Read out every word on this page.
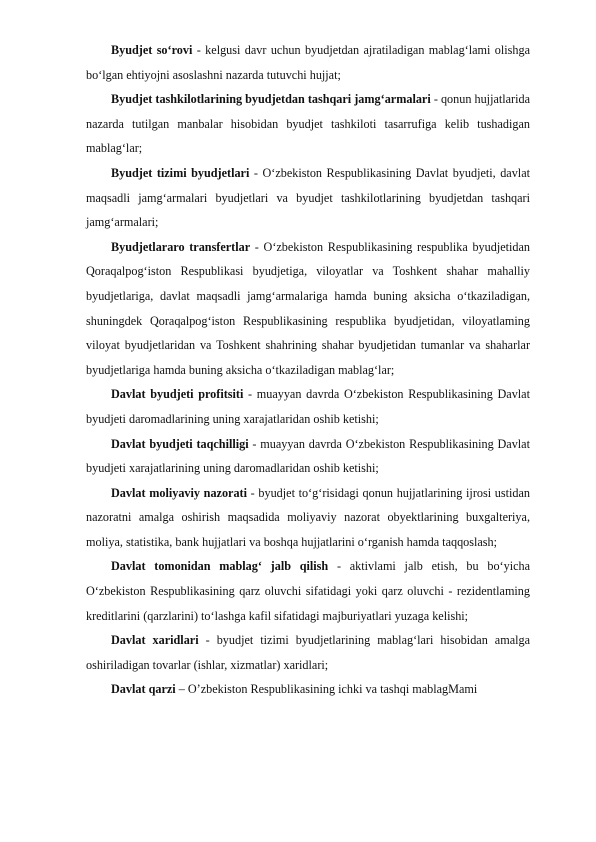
Byudjet so‘rovi - kelgusi davr uchun byudjetdan ajratiladigan mablag‘lami olishga bo‘lgan ehtiyojni asoslashni nazarda tutuvchi hujjat;

Byudjet tashkilotlarining byudjetdan tashqari jamg‘armalari - qonun hujjatlarida nazarda tutilgan manbalar hisobidan byudjet tashkiloti tasarrufiga kelib tushadigan mablag‘lar;

Byudjet tizimi byudjetlari - O‘zbekiston Respublikasining Davlat byudjeti, davlat maqsadli jamg‘armalari byudjetlari va byudjet tashkilotlarining byudjetdan tashqari jamg‘armalari;

Byudjetlararo transfertlar - O‘zbekiston Respublikasining respublika byudjetidan Qoraqalpog‘iston Respublikasi byudjetiga, viloyatlar va Toshkent shahar mahalliy byudjetlariga, davlat maqsadli jamg‘armalariga hamda buning aksicha o‘tkaziladigan, shuningdek Qoraqalpog‘iston Respublikasining respublika byudjetidan, viloyatlaming viloyat byudjetlaridan va Toshkent shahrining shahar byudjetidan tumanlar va shaharlar byudjetlariga hamda buning aksicha o‘tkaziladigan mablag‘lar;

Davlat byudjeti profitsiti - muayyan davrda O‘zbekiston Respublikasining Davlat byudjeti daromadlarining uning xarajatlaridan oshib ketishi;

Davlat byudjeti taqchilligi - muayyan davrda O‘zbekiston Respublikasining Davlat byudjeti xarajatlarining uning daromadlaridan oshib ketishi;

Davlat moliyaviy nazorati - byudjet to‘g‘risidagi qonun hujjatlarining ijrosi ustidan nazoratni amalga oshirish maqsadida moliyaviy nazorat obyektlarining buxgalteriya, moliya, statistika, bank hujjatlari va boshqa hujjatlarini o‘rganish hamda taqqoslash;

Davlat tomonidan mablag‘ jalb qilish - aktivlami jalb etish, bu bo‘yicha O‘zbekiston Respublikasining qarz oluvchi sifatidagi yoki qarz oluvchi - rezidentlaming kreditlarini (qarzlarini) to‘lashga kafil sifatidagi majburiyatlari yuzaga kelishi;

Davlat xaridlari - byudjet tizimi byudjetlarining mablag‘lari hisobidan amalga oshiriladigan tovarlar (ishlar, xizmatlar) xaridlari;

Davlat qarzi – O’zbekiston Respublikasining ichki va tashqi mablagMami
